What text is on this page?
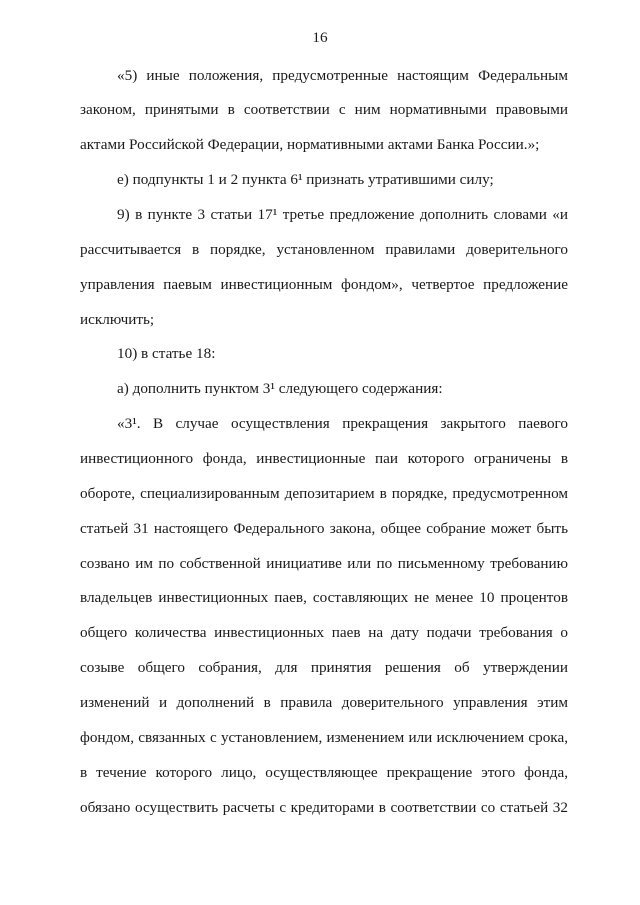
16
«5) иные положения, предусмотренные настоящим Федеральным
законом, принятыми в соответствии с ним нормативными правовыми
актами Российской Федерации, нормативными актами Банка России.»;
е) подпункты 1 и 2 пункта 6¹ признать утратившими силу;
9) в пункте 3 статьи 17¹ третье предложение дополнить словами «и
рассчитывается в порядке, установленном правилами доверительного
управления паевым инвестиционным фондом», четвертое предложение
исключить;
10) в статье 18:
а) дополнить пунктом 3¹ следующего содержания:
«3¹. В случае осуществления прекращения закрытого паевого
инвестиционного фонда, инвестиционные паи которого ограничены в
обороте, специализированным депозитарием в порядке, предусмотренном
статьей 31 настоящего Федерального закона, общее собрание может быть
созвано им по собственной инициативе или по письменному требованию
владельцев инвестиционных паев, составляющих не менее 10 процентов
общего количества инвестиционных паев на дату подачи требования о
созыве общего собрания, для принятия решения об утверждении
изменений и дополнений в правила доверительного управления этим
фондом, связанных с установлением, изменением или исключением срока,
в течение которого лицо, осуществляющее прекращение этого фонда,
обязано осуществить расчеты с кредиторами в соответствии со статьей 32
